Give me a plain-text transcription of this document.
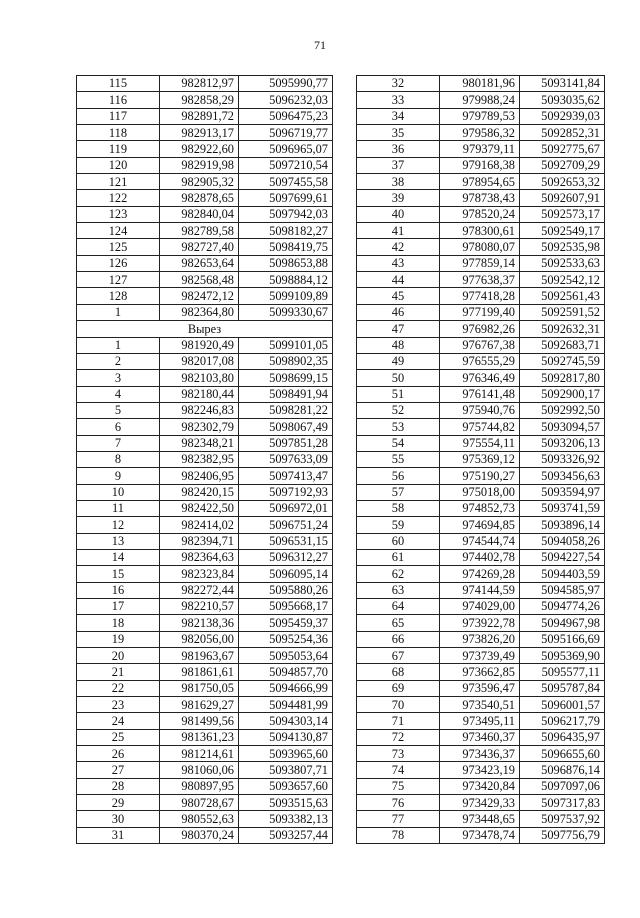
71
115	982812,97	5095990,77
116	982858,29	5096232,03
117	982891,72	5096475,23
118	982913,17	5096719,77
119	982922,60	5096965,07
120	982919,98	5097210,54
121	982905,32	5097455,58
122	982878,65	5097699,61
123	982840,04	5097942,03
124	982789,58	5098182,27
125	982727,40	5098419,75
126	982653,64	5098653,88
127	982568,48	5098884,12
128	982472,12	5099109,89
1	982364,80	5099330,67
Вырез		
1	981920,49	5099101,05
2	982017,08	5098902,35
3	982103,80	5098699,15
4	982180,44	5098491,94
5	982246,83	5098281,22
6	982302,79	5098067,49
7	982348,21	5097851,28
8	982382,95	5097633,09
9	982406,95	5097413,47
10	982420,15	5097192,93
11	982422,50	5096972,01
12	982414,02	5096751,24
13	982394,71	5096531,15
14	982364,63	5096312,27
15	982323,84	5096095,14
16	982272,44	5095880,26
17	982210,57	5095668,17
18	982138,36	5095459,37
19	982056,00	5095254,36
20	981963,67	5095053,64
21	981861,61	5094857,70
22	981750,05	5094666,99
23	981629,27	5094481,99
24	981499,56	5094303,14
25	981361,23	5094130,87
26	981214,61	5093965,60
27	981060,06	5093807,71
28	980897,95	5093657,60
29	980728,67	5093515,63
30	980552,63	5093382,13
31	980370,24	5093257,44
32	980181,96	5093141,84
33	979988,24	5093035,62
34	979789,53	5092939,03
35	979586,32	5092852,31
36	979379,11	5092775,67
37	979168,38	5092709,29
38	978954,65	5092653,32
39	978738,43	5092607,91
40	978520,24	5092573,17
41	978300,61	5092549,17
42	978080,07	5092535,98
43	977859,14	5092533,63
44	977638,37	5092542,12
45	977418,28	5092561,43
46	977199,40	5092591,52
47	976982,26	5092632,31
48	976767,38	5092683,71
49	976555,29	5092745,59
50	976346,49	5092817,80
51	976141,48	5092900,17
52	975940,76	5092992,50
53	975744,82	5093094,57
54	975554,11	5093206,13
55	975369,12	5093326,92
56	975190,27	5093456,63
57	975018,00	5093594,97
58	974852,73	5093741,59
59	974694,85	5093896,14
60	974544,74	5094058,26
61	974402,78	5094227,54
62	974269,28	5094403,59
63	974144,59	5094585,97
64	974029,00	5094774,26
65	973922,78	5094967,98
66	973826,20	5095166,69
67	973739,49	5095369,90
68	973662,85	5095577,11
69	973596,47	5095787,84
70	973540,51	5096001,57
71	973495,11	5096217,79
72	973460,37	5096435,97
73	973436,37	5096655,60
74	973423,19	5096876,14
75	973420,84	5097097,06
76	973429,33	5097317,83
77	973448,65	5097537,92
78	973478,74	5097756,79
